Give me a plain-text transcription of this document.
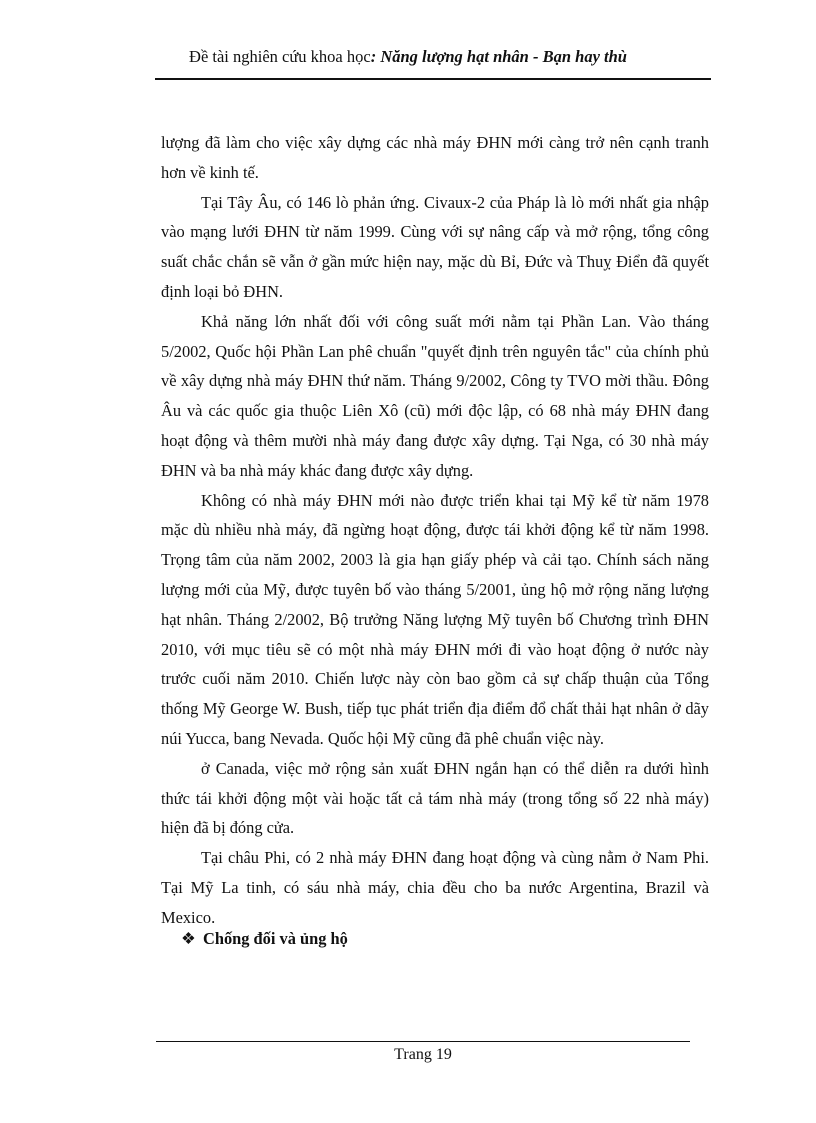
Đề tài nghiên cứu khoa học: Năng lượng hạt nhân - Bạn hay thù

lượng đã làm cho việc xây dựng các nhà máy ĐHN mới càng trở nên cạnh tranh hơn về kinh tế.

Tại Tây Âu, có 146 lò phản ứng. Civaux-2 của Pháp là lò mới nhất gia nhập vào mạng lưới ĐHN từ năm 1999. Cùng với sự nâng cấp và mở rộng, tổng công suất chắc chắn sẽ vẫn ở gần mức hiện nay, mặc dù Bỉ, Đức và Thuỵ Điển đã quyết định loại bỏ ĐHN.

Khả năng lớn nhất đối với công suất mới nằm tại Phần Lan. Vào tháng 5/2002, Quốc hội Phần Lan phê chuẩn "quyết định trên nguyên tắc" của chính phủ về xây dựng nhà máy ĐHN thứ năm. Tháng 9/2002, Công ty TVO mời thầu. Đông Âu và các quốc gia thuộc Liên Xô (cũ) mới độc lập, có 68 nhà máy ĐHN đang hoạt động và thêm mười nhà máy đang được xây dựng. Tại Nga, có 30 nhà máy ĐHN và ba nhà máy khác đang được xây dựng.

Không có nhà máy ĐHN mới nào được triển khai tại Mỹ kể từ năm 1978 mặc dù nhiều nhà máy, đã ngừng hoạt động, được tái khởi động kể từ năm 1998. Trọng tâm của năm 2002, 2003 là gia hạn giấy phép và cải tạo. Chính sách năng lượng mới của Mỹ, được tuyên bố vào tháng 5/2001, ủng hộ mở rộng năng lượng hạt nhân. Tháng 2/2002, Bộ trưởng Năng lượng Mỹ tuyên bố Chương trình ĐHN 2010, với mục tiêu sẽ có một nhà máy ĐHN mới đi vào hoạt động ở nước này trước cuối năm 2010. Chiến lược này còn bao gồm cả sự chấp thuận của Tổng thống Mỹ George W. Bush, tiếp tục phát triển địa điểm đổ chất thải hạt nhân ở dãy núi Yucca, bang Nevada. Quốc hội Mỹ cũng đã phê chuẩn việc này.

ở Canada, việc mở rộng sản xuất ĐHN ngắn hạn có thể diễn ra dưới hình thức tái khởi động một vài hoặc tất cả tám nhà máy (trong tổng số 22 nhà máy) hiện đã bị đóng cửa.

Tại châu Phi, có 2 nhà máy ĐHN đang hoạt động và cùng nằm ở Nam Phi. Tại Mỹ La tinh, có sáu nhà máy, chia đều cho ba nước Argentina, Brazil và Mexico.

❖ Chống đối và ủng hộ
Trang 19
